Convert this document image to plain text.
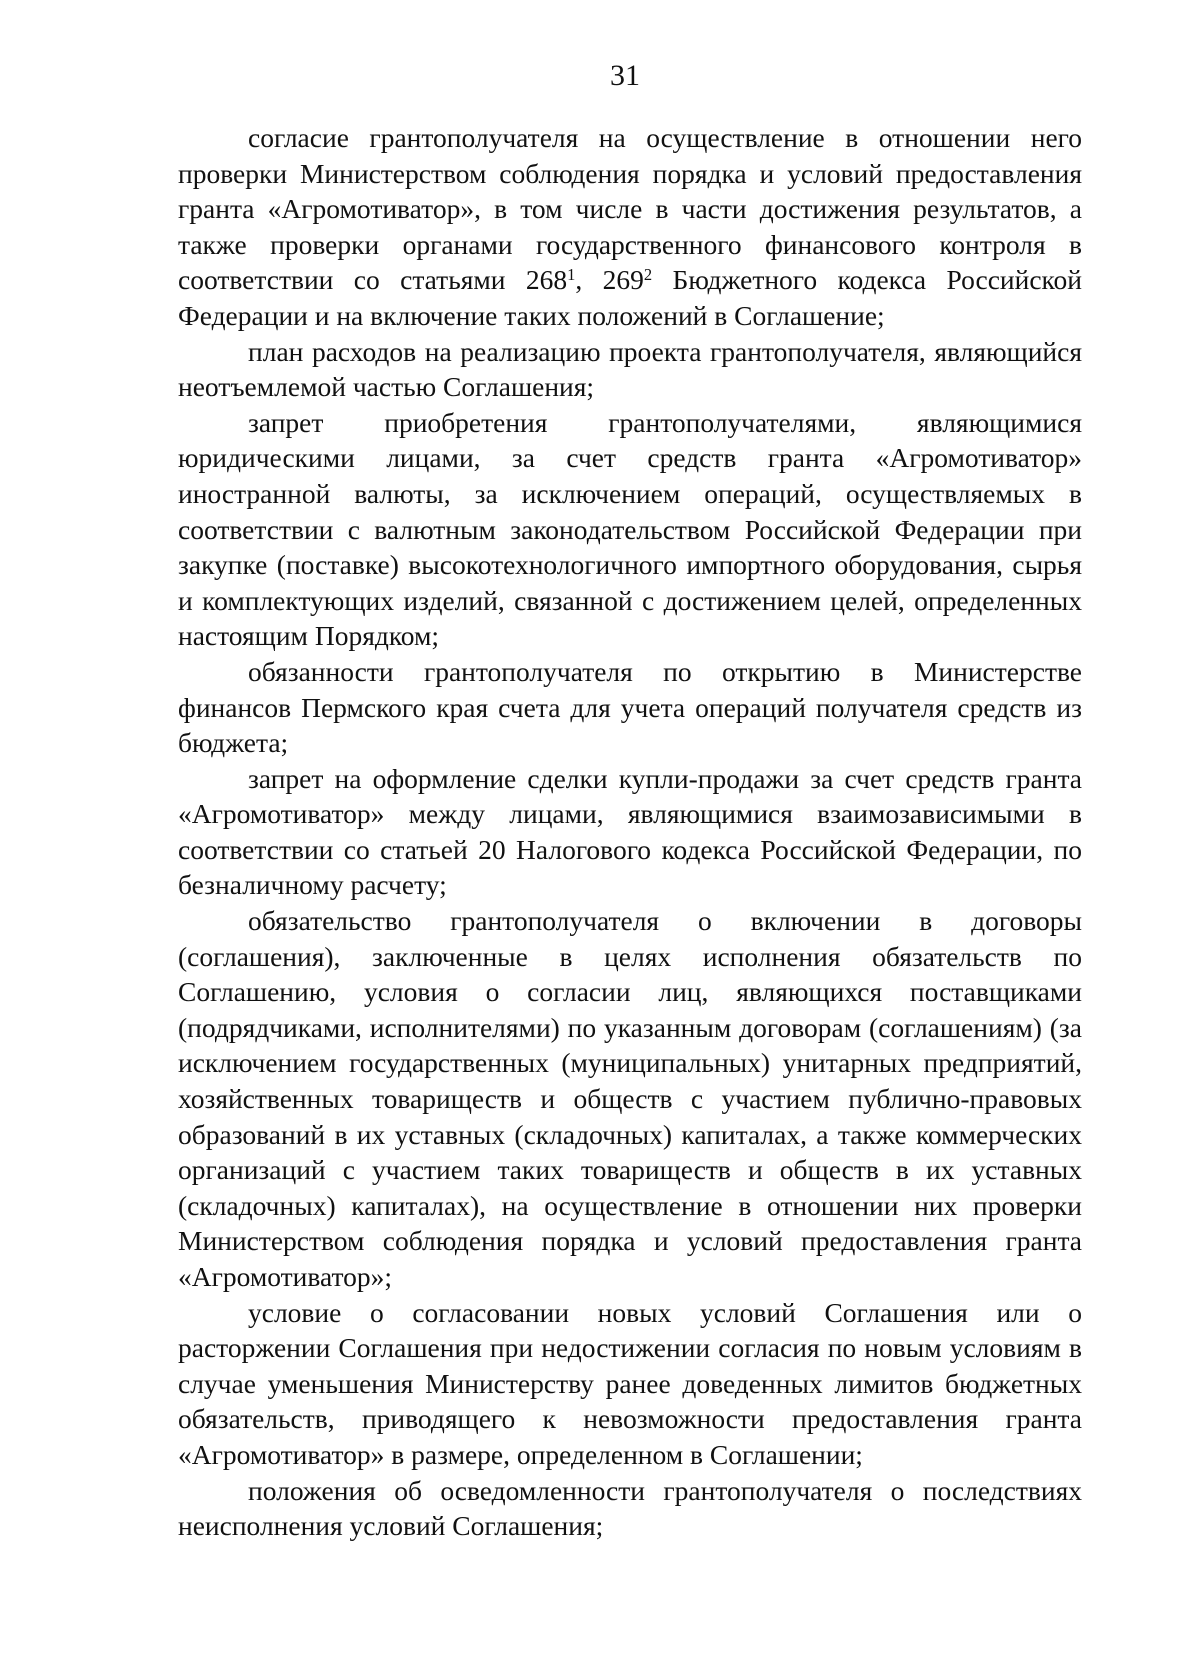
31

согласие грантополучателя на осуществление в отношении него проверки Министерством соблюдения порядка и условий предоставления гранта «Агромотиватор», в том числе в части достижения результатов, а также проверки органами государственного финансового контроля в соответствии со статьями $268^1$, $269^2$ Бюджетного кодекса Российской Федерации и на включение таких положений в Соглашение;

план расходов на реализацию проекта грантополучателя, являющийся неотъемлемой частью Соглашения;

запрет приобретения грантополучателями, являющимися юридическими лицами, за счет средств гранта «Агромотиватор» иностранной валюты, за исключением операций, осуществляемых в соответствии с валютным законодательством Российской Федерации при закупке (поставке) высокотехнологичного импортного оборудования, сырья и комплектующих изделий, связанной с достижением целей, определенных настоящим Порядком;

обязанности грантополучателя по открытию в Министерстве финансов Пермского края счета для учета операций получателя средств из бюджета;

запрет на оформление сделки купли-продажи за счет средств гранта «Агромотиватор» между лицами, являющимися взаимозависимыми в соответствии со статьей 20 Налогового кодекса Российской Федерации, по безналичному расчету;

обязательство грантополучателя о включении в договоры (соглашения), заключенные в целях исполнения обязательств по Соглашению, условия о согласии лиц, являющихся поставщиками (подрядчиками, исполнителями) по указанным договорам (соглашениям) (за исключением государственных (муниципальных) унитарных предприятий, хозяйственных товариществ и обществ с участием публично-правовых образований в их уставных (складочных) капиталах, а также коммерческих организаций с участием таких товариществ и обществ в их уставных (складочных) капиталах), на осуществление в отношении них проверки Министерством соблюдения порядка и условий предоставления гранта «Агромотиватор»;

условие о согласовании новых условий Соглашения или о расторжении Соглашения при недостижении согласия по новым условиям в случае уменьшения Министерству ранее доведенных лимитов бюджетных обязательств, приводящего к невозможности предоставления гранта «Агромотиватор» в размере, определенном в Соглашении;

положения об осведомленности грантополучателя о последствиях неисполнения условий Соглашения;
